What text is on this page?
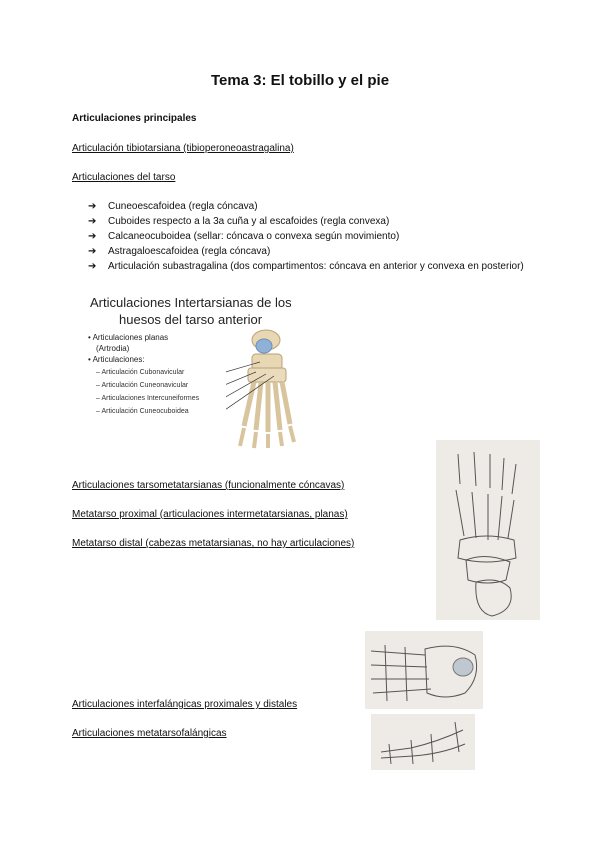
Tema 3: El tobillo y el pie
Articulaciones principales
Articulación tibiotarsiana (tibioperoneoastragalina)
Articulaciones del tarso
➔ Cuneoescafoidea (regla cóncava)
➔ Cuboides respecto a la 3a cuña y al escafoides (regla convexa)
➔ Calcaneocuboidea (sellar: cóncava o convexa según movimiento)
➔ Astragaloescafoidea (regla cóncava)
➔ Articulación subastragalina (dos compartimentos: cóncava en anterior y convexa en posterior)
Articulaciones Intertarsianas de los
huesos del tarso anterior
• Articulaciones planas
(Artrodia)
• Articulaciones:
– Articulación Cubonavicular
– Articulación Cuneonavicular
– Articulaciones Intercuneiformes
– Articulación Cuneocuboidea
Articulaciones tarsometatarsianas (funcionalmente cóncavas)
Metatarso proximal (articulaciones intermetatarsianas, planas)
Metatarso distal (cabezas metatarsianas, no hay articulaciones)
Articulaciones interfalángicas proximales y distales
Articulaciones metatarsofalángicas
